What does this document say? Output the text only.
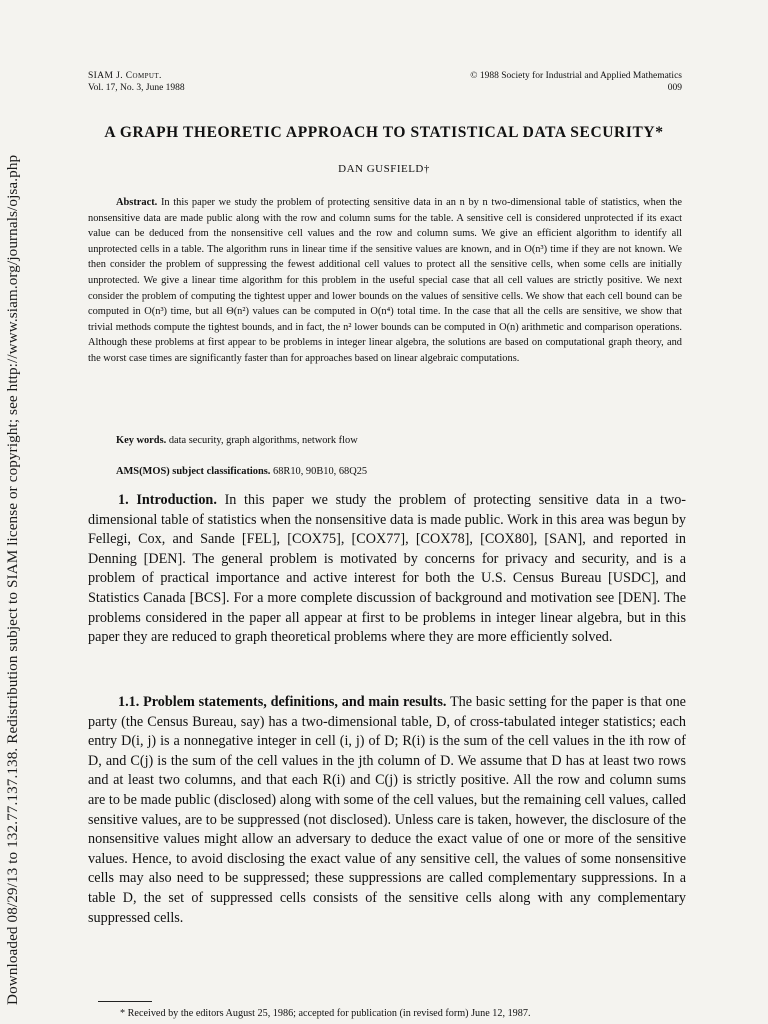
Downloaded 08/29/13 to 132.77.137.138. Redistribution subject to SIAM license or copyright; see http://www.siam.org/journals/ojsa.php
SIAM J. Comput.
Vol. 17, No. 3, June 1988
© 1988 Society for Industrial and Applied Mathematics
009
A GRAPH THEORETIC APPROACH TO STATISTICAL DATA SECURITY*
DAN GUSFIELD†

Abstract. In this paper we study the problem of protecting sensitive data in an n by n two-dimensional table of statistics, when the nonsensitive data are made public along with the row and column sums for the table. A sensitive cell is considered unprotected if its exact value can be deduced from the nonsensitive cell values and the row and column sums. We give an efficient algorithm to identify all unprotected cells in a table. The algorithm runs in linear time if the sensitive values are known, and in O(n³) time if they are not known. We then consider the problem of suppressing the fewest additional cell values to protect all the sensitive cells, when some cells are initially unprotected. We give a linear time algorithm for this problem in the useful special case that all cell values are strictly positive. We next consider the problem of computing the tightest upper and lower bounds on the values of sensitive cells. We show that each cell bound can be computed in O(n³) time, but all Θ(n²) values can be computed in O(n⁴) total time. In the case that all the cells are sensitive, we show that trivial methods compute the tightest bounds, and in fact, the n² lower bounds can be computed in O(n) arithmetic and comparison operations. Although these problems at first appear to be problems in integer linear algebra, the solutions are based on computational graph theory, and the worst case times are significantly faster than for approaches based on linear algebraic computations.

Key words. data security, graph algorithms, network flow
AMS(MOS) subject classifications. 68R10, 90B10, 68Q25

1. Introduction. In this paper we study the problem of protecting sensitive data in a two-dimensional table of statistics when the nonsensitive data is made public. Work in this area was begun by Fellegi, Cox, and Sande [FEL], [COX75], [COX77], [COX78], [COX80], [SAN], and reported in Denning [DEN]. The general problem is motivated by concerns for privacy and security, and is a problem of practical importance and active interest for both the U.S. Census Bureau [USDC], and Statistics Canada [BCS]. For a more complete discussion of background and motivation see [DEN]. The problems considered in the paper all appear at first to be problems in integer linear algebra, but in this paper they are reduced to graph theoretical problems where they are more efficiently solved.

1.1. Problem statements, definitions, and main results. The basic setting for the paper is that one party (the Census Bureau, say) has a two-dimensional table, D, of cross-tabulated integer statistics; each entry D(i, j) is a nonnegative integer in cell (i, j) of D; R(i) is the sum of the cell values in the ith row of D, and C(j) is the sum of the cell values in the jth column of D. We assume that D has at least two rows and at least two columns, and that each R(i) and C(j) is strictly positive. All the row and column sums are to be made public (disclosed) along with some of the cell values, but the remaining cell values, called sensitive values, are to be suppressed (not disclosed). Unless care is taken, however, the disclosure of the nonsensitive values might allow an adversary to deduce the exact value of one or more of the sensitive values. Hence, to avoid disclosing the exact value of any sensitive cell, the values of some nonsensitive cells may also need to be suppressed; these suppressions are called complementary suppressions. In a table D, the set of suppressed cells consists of the sensitive cells along with any complementary suppressed cells.

* Received by the editors August 25, 1986; accepted for publication (in revised form) June 12, 1987.
